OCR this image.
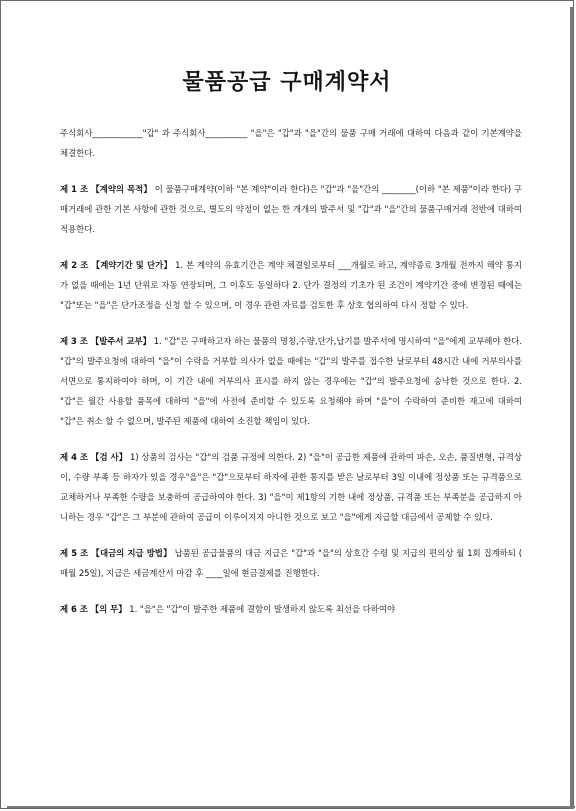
물품공급 구매계약서

주식회사____________"갑" 과 주식회사__________ "을"은 "갑"과 "을"간의 물품 구매 거래에 대하여 다음과 같이 기본계약을 체결한다.

제 1 조 【계약의 목적】 이 물품구매계약(이하 "본 계약"이라 한다)은 "갑"과 "을"간의 ________(이하 "본 제품"이라 한다) 구매거래에 관한 기본 사항에 관한 것으로, 별도의 약정이 없는 한 개개의 발주서 및 "갑"과 "을"간의 물품구매거래 전반에 대하여 적용한다.

제 2 조 【계약기간 및 단가】 1. 본 계약의 유효기간은 계약 체결일로부터 ___개월로 하고, 계약종료 3개월 전까지 해약 통지가 없을 때에는 1년 단위로 자동 연장되며, 그 이후도 동일하다 2. 단가 결정의 기초가 된 조건이 계약기간 중에 변경된 때에는 "갑"또는 "을"은 단가조정을 신청 할 수 있으며, 이 경우 관련 자료를 검토한 후 상호 협의하여 다시 정할 수 있다.

제 3 조 【발주서 교부】 1. "갑"은 구매하고자 하는 물품의 명칭,수량,단가,납기를 발주서에 명시하여 "을"에게 교부해야 한다. "갑"의 발주요청에 대하여 "을"이 수락을 거부할 의사가 없을 때에는 "갑"의 발주를 접수한 날로부터 48시간 내에 거부의사를 서면으로 통지하여야 하며, 이 기간 내에 거부의사 표시를 하지 않는 경우에는 "갑"의 발주요청에 승낙한 것으로 한다. 2. "갑"은 월간 사용할 품목에 대하여 "을"에 사전에 준비할 수 있도록 요청해야 하며 "을"이 수락하여 준비한 재고에 대하여 "갑"은 취소 할 수 없으며, 발주된 제품에 대하여 소진할 책임이 있다.

제 4 조 【검 사】 1) 상품의 검사는 "갑"의 검품 규정에 의한다. 2) "을"이 공급한 제품에 관하여 파손, 오손, 품질변형, 규격상이, 수량 부족 등 하자가 있을 경우"을"은 "갑"으로부터 하자에 관한 통지를 받은 날로부터 3일 이내에 정상품 또는 규격품으로 교체하거나 부족한 수량을 보충하여 공급하여야 한다. 3) "을"이 제1항의 기한 내에 정상품, 규격품 또는 부족분을 공급하지 아니하는 경우 "갑"은 그 부분에 관하여 공급이 이루어지지 아니한 것으로 보고 "을"에게 지급할 대금에서 공제할 수 있다.

제 5 조 【대금의 지급 방법】 납품된 공급물품의 대금 지급은 "갑"과 "을"의 상호간 수령 및 지급의 편의상 월 1회 집계하되 ( 매월 25일), 지급은 세금계산서 마감 후 ____일에 현금결제를 진행한다.

제 6 조 【의 무】 1. "을"은 "갑"이 발주한 제품에 결함이 발생하지 않도록 최선을 다하여야
